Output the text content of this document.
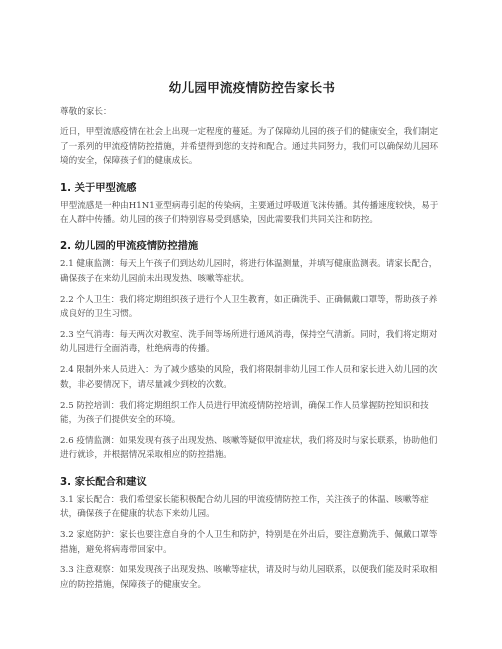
幼儿园甲流疫情防控告家长书
尊敬的家长：
近日，甲型流感疫情在社会上出现一定程度的蔓延。为了保障幼儿园的孩子们的健康安全，我们制定了一系列的甲流疫情防控措施，并希望得到您的支持和配合。通过共同努力，我们可以确保幼儿园环境的安全，保障孩子们的健康成长。
1. 关于甲型流感
甲型流感是一种由H1N1亚型病毒引起的传染病，主要通过呼吸道飞沫传播。其传播速度较快，易于在人群中传播。幼儿园的孩子们特别容易受到感染，因此需要我们共同关注和防控。
2. 幼儿园的甲流疫情防控措施
2.1 健康监测：每天上午孩子们到达幼儿园时，将进行体温测量，并填写健康监测表。请家长配合，确保孩子在来幼儿园前未出现发热、咳嗽等症状。
2.2 个人卫生：我们将定期组织孩子进行个人卫生教育，如正确洗手、正确佩戴口罩等，帮助孩子养成良好的卫生习惯。
2.3 空气消毒：每天两次对教室、洗手间等场所进行通风消毒，保持空气清新。同时，我们将定期对幼儿园进行全面消毒，杜绝病毒的传播。
2.4 限制外来人员进入：为了减少感染的风险，我们将限制非幼儿园工作人员和家长进入幼儿园的次数，非必要情况下，请尽量减少到校的次数。
2.5 防控培训：我们将定期组织工作人员进行甲流疫情防控培训，确保工作人员掌握防控知识和技能，为孩子们提供安全的环境。
2.6 疫情监测：如果发现有孩子出现发热、咳嗽等疑似甲流症状，我们将及时与家长联系，协助他们进行就诊，并根据情况采取相应的防控措施。
3. 家长配合和建议
3.1 家长配合：我们希望家长能积极配合幼儿园的甲流疫情防控工作，关注孩子的体温、咳嗽等症状，确保孩子在健康的状态下来幼儿园。
3.2 家庭防护：家长也要注意自身的个人卫生和防护，特别是在外出后，要注意勤洗手、佩戴口罩等措施，避免将病毒带回家中。
3.3 注意观察：如果发现孩子出现发热、咳嗽等症状，请及时与幼儿园联系，以便我们能及时采取相应的防控措施，保障孩子的健康安全。
